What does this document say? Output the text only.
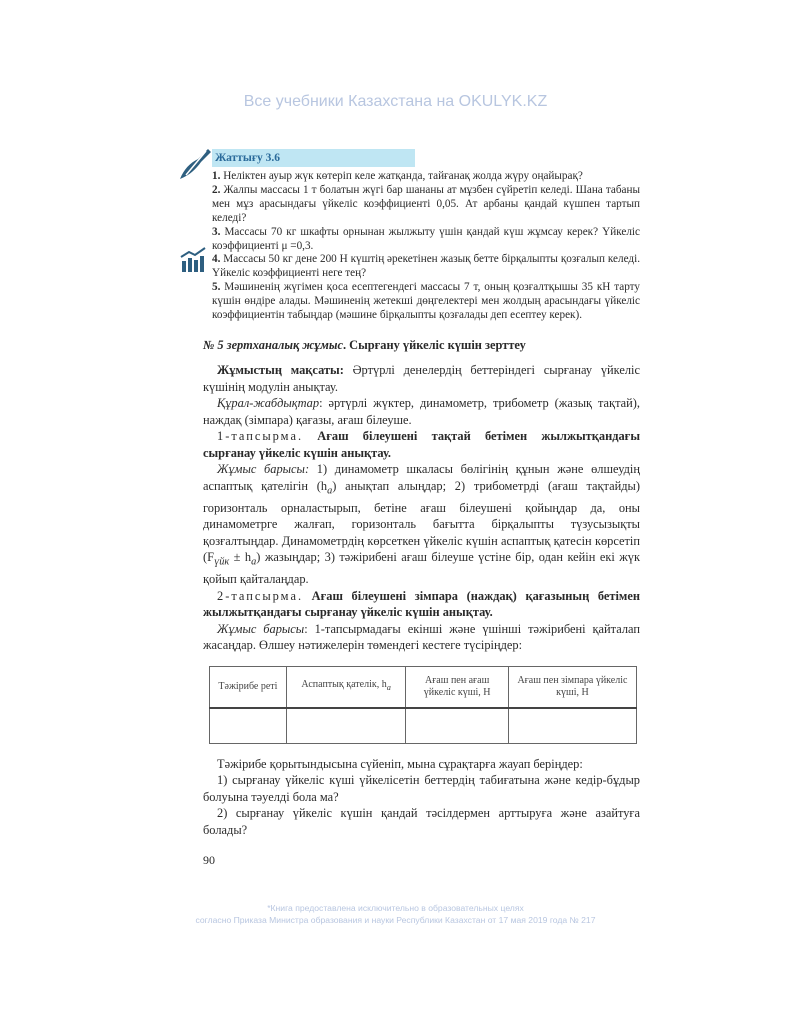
Все учебники Казахстана на OKULYK.KZ
Жаттығу 3.6
1. Неліктен ауыр жүк көтеріп келе жатқанда, тайғанақ жолда жүру оңайырақ?
2. Жалпы массасы 1 т болатын жүгі бар шананы ат мұзбен сүйретіп келеді. Шана табаны мен мұз арасындағы үйкеліс коэффициенті 0,05. Ат арбаны қандай күшпен тартып келеді?
3. Массасы 70 кг шкафты орнынан жылжыту үшін қандай күш жұмсау керек? Үйкеліс коэффициенті μ =0,3.
4. Массасы 50 кг дене 200 Н күштің әрекетінен жазық бетте бірқалыпты қозғалып келеді. Үйкеліс коэффициенті неге тең?
5. Мәшиненің жүгімен қоса есептегендегі массасы 7 т, оның қозғалтқышы 35 кН тарту күшін өндіре алады. Мәшиненің жетекші дөңгелектері мен жолдың арасындағы үйкеліс коэффициентін табыңдар (мәшине бірқалыпты қозғалады деп есептеу керек).
№ 5 зертханалық жұмыс. Сырғану үйкеліс күшін зерттеу

Жұмыстың мақсаты: Әртүрлі денелердің беттеріндегі сырғанау үйкеліс күшінің модулін анықтау.

Құрал-жабдықтар: әртүрлі жүктер, динамометр, трибометр (жазық тақтай), наждақ (зімпара) қағазы, ағаш білеуше.

1-тапсырма. Ағаш білеушені тақтай бетімен жылжытқандағы сырғанау үйкеліс күшін анықтау.

Жұмыс барысы: 1) динамометр шкаласы бөлігінің құнын және өлшеудің аспаптық қателігін $(h_a)$ анықтап алыңдар; 2) трибометрді (ағаш тақтайды) горизонталь орналастырып, бетіне ағаш білеушені қойыңдар да, оны динамометрге жалғап, горизонталь бағытта бірқалыпты түзусызықты қозғалтыңдар. Динамометрдің көрсеткен үйкеліс күшін аспаптық қатесін көрсетіп $(F_{үйк} \pm h_a)$ жазыңдар; 3) тәжірибені ағаш білеуше үстіне бір, одан кейін екі жүк қойып қайталаңдар.

2-тапсырма. Ағаш білеушені зімпара (наждақ) қағазының бетімен жылжытқандағы сырғанау үйкеліс күшін анықтау.

Жұмыс барысы: 1-тапсырмадағы екінші және үшінші тәжірибені қайталап жасаңдар. Өлшеу нәтижелерін төмендегі кестеге түсіріңдер:

Тәжірибе реті	Аспаптық қателік, $h_a$	Ағаш пен ағаш үйкеліс күші, Н	Ағаш пен зімпара үйкеліс күші, Н

Тәжірибе қорытындысына сүйеніп, мына сұрақтарға жауап беріңдер:

1) сырғанау үйкеліс күші үйкелісетін беттердің табиғатына және кедір-бұдыр болуына тәуелді бола ма?

2) сырғанау үйкеліс күшін қандай тәсілдермен арттыруға және азайтуға болады?

90
*Книга предоставлена исключительно в образовательных целях
согласно Приказа Министра образования и науки Республики Казахстан от 17 мая 2019 года № 217
